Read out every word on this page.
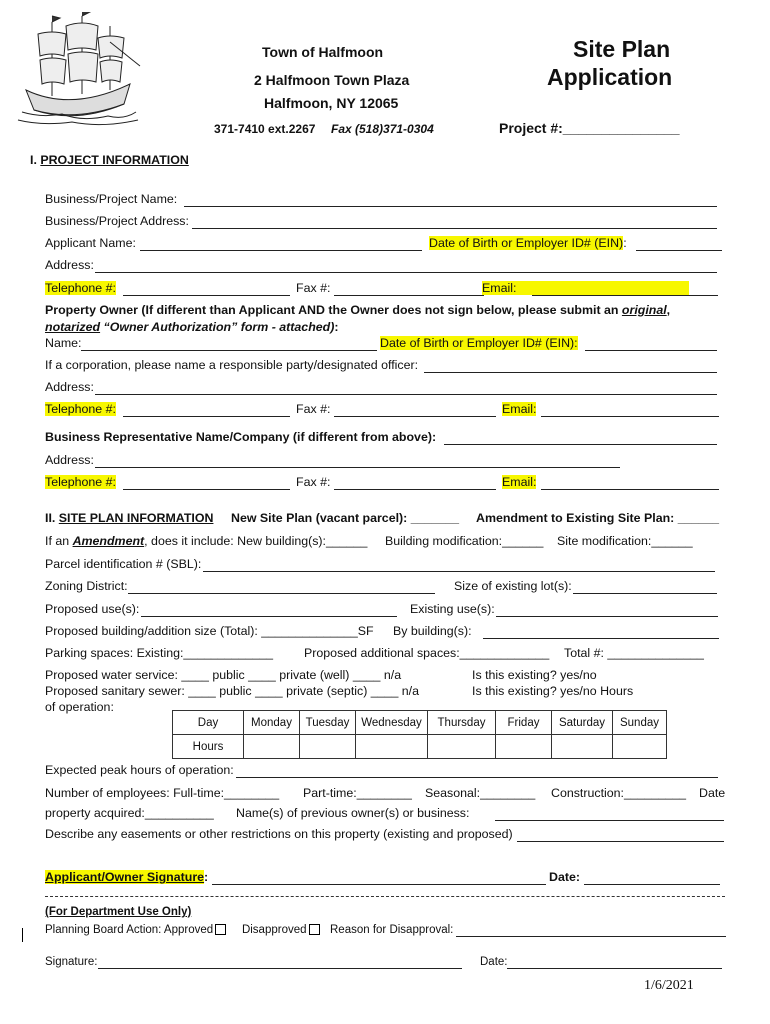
Town of Halfmoon
2 Halfmoon Town Plaza
Halfmoon, NY 12065
371-7410 ext.2267 Fax (518)371-0304
Site Plan
Application
Project #:_______________
I. PROJECT INFORMATION
Business/Project Name:
Business/Project Address:
Applicant Name:	Date of Birth or Employer ID# (EIN):
Address:
Telephone #:	Fax #:	Email:
Property Owner (If different than Applicant AND the Owner does not sign below, please submit an original,
notarized “Owner Authorization” form - attached):
Name:	Date of Birth or Employer ID# (EIN):
If a corporation, please name a responsible party/designated officer:
Address:
Telephone #:	Fax #:	Email:
Business Representative Name/Company (if different from above):
Address:
Telephone #:	Fax #:	Email:
II. SITE PLAN INFORMATION New Site Plan (vacant parcel): _______ Amendment to Existing Site Plan: ______
If an Amendment, does it include: New building(s):______ Building modification:______ Site modification:______
Parcel identification # (SBL):
Zoning District:	Size of existing lot(s):
Proposed use(s):	Existing use(s):
Proposed building/addition size (Total): ______________SF By building(s):
Parking spaces: Existing:_____________ Proposed additional spaces:_____________ Total #: ______________
Proposed water service: ____ public ____ private (well) ____ n/a	Is this existing? yes/no
Proposed sanitary sewer: ____ public ____ private (septic) ____ n/a	Is this existing? yes/no Hours
of operation:
Day	Monday	Tuesday	Wednesday	Thursday	Friday	Saturday	Sunday
Hours							
Expected peak hours of operation:
Number of employees: Full-time:________ Part-time:________ Seasonal:________ Construction:_________ Date
property acquired:__________ Name(s) of previous owner(s) or business:
Describe any easements or other restrictions on this property (existing and proposed)
Applicant/Owner Signature:	Date:
(For Department Use Only)
Planning Board Action: Approved	Disapproved	Reason for Disapproval:
Signature:	Date:
1/6/2021
